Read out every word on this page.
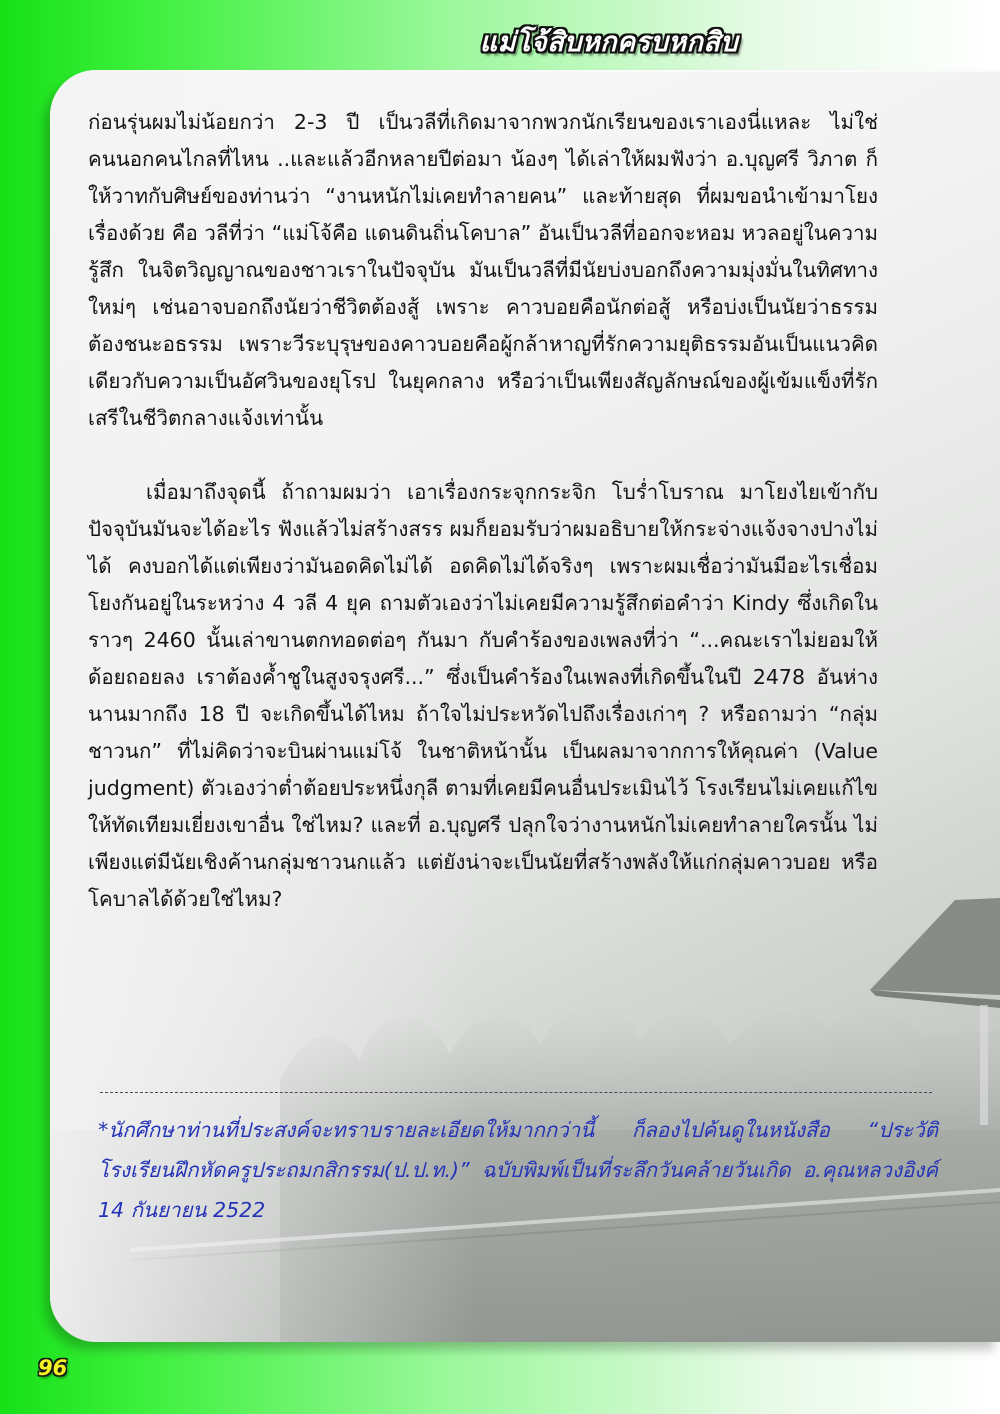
แม่โจ้สิบหกครบหกสิบ

ก่อนรุ่นผมไม่น้อยกว่า 2-3 ปี เป็นวลีที่เกิดมาจากพวกนักเรียนของเราเองนี่แหละ ไม่ใช่คนนอกคนไกลที่ไหน ..และแล้วอีกหลายปีต่อมา น้องๆ ได้เล่าให้ผมฟังว่า อ.บุญศรี วิภาต ก็ให้วาทกับศิษย์ของท่านว่า “งานหนักไม่เคยทำลายคน” และท้ายสุด ที่ผมขอนำเข้ามาโยง เรื่องด้วย คือ วลีที่ว่า “แม่โจ้คือ แดนดินถิ่นโคบาล” อันเป็นวลีที่ออกจะหอม หวลอยู่ในความรู้สึก ในจิตวิญญาณของชาวเราในปัจจุบัน มันเป็นวลีที่มีนัยบ่งบอกถึงความมุ่งมั่นในทิศทางใหม่ๆ เช่นอาจบอกถึงนัยว่าชีวิตต้องสู้ เพราะ คาวบอยคือนักต่อสู้ หรือบ่งเป็นนัยว่าธรรม ต้องชนะอธรรม เพราะวีระบุรุษของคาวบอยคือผู้กล้าหาญที่รักความยุติธรรมอันเป็นแนวคิดเดียวกับความเป็นอัศวินของยุโรป ในยุคกลาง หรือว่าเป็นเพียงสัญลักษณ์ของผู้เข้มแข็งที่รักเสรีในชีวิตกลางแจ้งเท่านั้น

เมื่อมาถึงจุดนี้ ถ้าถามผมว่า เอาเรื่องกระจุกกระจิก โบร่ำโบราณ มาโยงไยเข้ากับปัจจุบันมันจะได้อะไร ฟังแล้วไม่สร้างสรร ผมก็ยอมรับว่าผมอธิบายให้กระจ่างแจ้งจางปางไม่ได้ คงบอกได้แต่เพียงว่ามันอดคิดไม่ได้ อดคิดไม่ได้จริงๆ เพราะผมเชื่อว่ามันมีอะไรเชื่อมโยงกันอยู่ในระหว่าง 4 วลี 4 ยุค ถามตัวเองว่าไม่เคยมีความรู้สึกต่อคำว่า Kindy ซึ่งเกิดในราวๆ 2460 นั้นเล่าขานตกทอดต่อๆ กันมา กับคำร้องของเพลงที่ว่า “...คณะเราไม่ยอมให้ด้อยถอยลง เราต้องค้ำชูในสูงจรุงศรี...” ซึ่งเป็นคำร้องในเพลงที่เกิดขึ้นในปี 2478 อันห่างนานมากถึง 18 ปี จะเกิดขึ้นได้ไหม ถ้าใจไม่ประหวัดไปถึงเรื่องเก่าๆ ? หรือถามว่า “กลุ่มชาวนก” ที่ไม่คิดว่าจะบินผ่านแม่โจ้ ในชาติหน้านั้น เป็นผลมาจากการให้คุณค่า (Value judgment) ตัวเองว่าต่ำต้อยประหนึ่งกุลี ตามที่เคยมีคนอื่นประเมินไว้ โรงเรียนไม่เคยแก้ไขให้ทัดเทียมเยี่ยงเขาอื่น ใช่ไหม? และที่ อ.บุญศรี ปลุกใจว่างานหนักไม่เคยทำลายใครนั้น ไม่เพียงแต่มีนัยเชิงค้านกลุ่มชาวนกแล้ว แต่ยังน่าจะเป็นนัยที่สร้างพลังให้แก่กลุ่มคาวบอย หรือโคบาลได้ด้วยใช่ไหม?

*นักศึกษาท่านที่ประสงค์จะทราบรายละเอียดให้มากกว่านี้ ก็ลองไปค้นดูในหนังสือ “ประวัติโรงเรียนฝึกหัดครูประถมกสิกรรม(ป.ป.ท.)” ฉบับพิมพ์เป็นที่ระลึกวันคล้ายวันเกิด อ.คุณหลวงอิงค์ 14 กันยายน 2522

96
